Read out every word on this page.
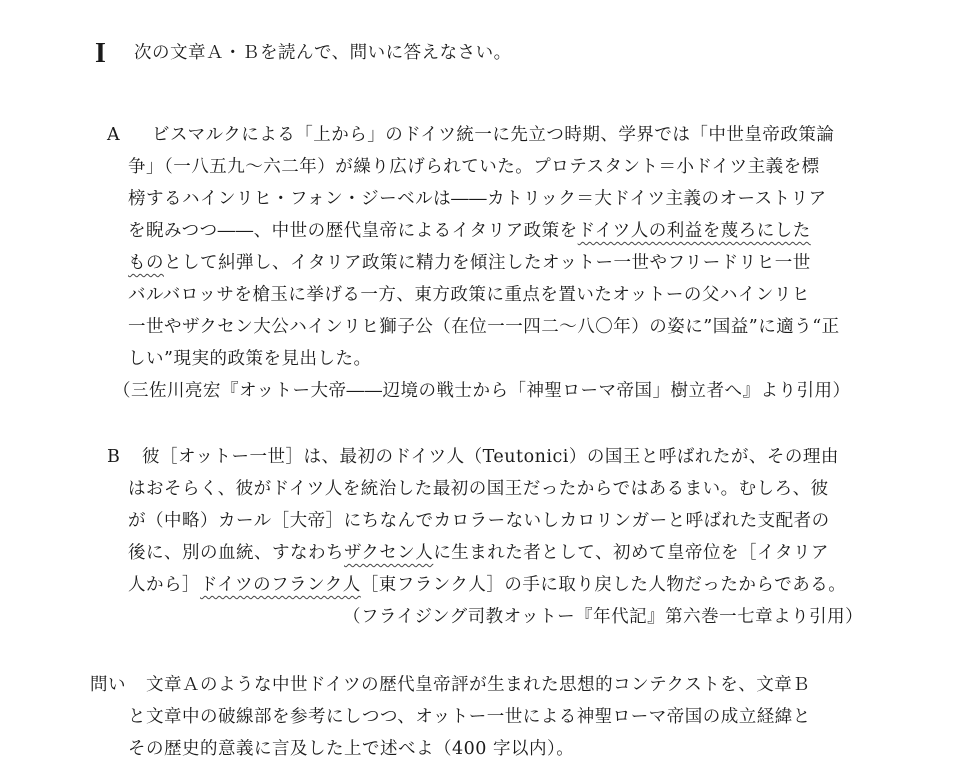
I 次の文章Ａ・Ｂを読んで、問いに答えなさい。
A ビスマルクによる「上から」のドイツ統一に先立つ時期、学界では「中世皇帝政策論
争」（一八五九〜六二年）が繰り広げられていた。プロテスタント＝小ドイツ主義を標
榜するハインリヒ・フォン・ジーベルは――カトリック＝大ドイツ主義のオーストリア
を睨みつつ――、中世の歴代皇帝によるイタリア政策をドイツ人の利益を蔑ろにした
ものとして糾弾し、イタリア政策に精力を傾注したオットー一世やフリードリヒ一世
バルバロッサを槍玉に挙げる一方、東方政策に重点を置いたオットーの父ハインリヒ
一世やザクセン大公ハインリヒ獅子公（在位一一四二〜八〇年）の姿に”国益”に適う“正
しい”現実的政策を見出した。
（三佐川亮宏『オットー大帝――辺境の戦士から「神聖ローマ帝国」樹立者へ』より引用）
B 彼［オットー一世］は、最初のドイツ人（Teutonici）の国王と呼ばれたが、その理由
はおそらく、彼がドイツ人を統治した最初の国王だったからではあるまい。むしろ、彼
が（中略）カール［大帝］にちなんでカロラーないしカロリンガーと呼ばれた支配者の
後に、別の血統、すなわちザクセン人に生まれた者として、初めて皇帝位を［イタリア
人から］ドイツのフランク人［東フランク人］の手に取り戻した人物だったからである。
（フライジング司教オットー『年代記』第六巻一七章より引用）
問い 文章Ａのような中世ドイツの歴代皇帝評が生まれた思想的コンテクストを、文章Ｂ
と文章中の破線部を参考にしつつ、オットー一世による神聖ローマ帝国の成立経緯と
その歴史的意義に言及した上で述べよ（400 字以内）。
